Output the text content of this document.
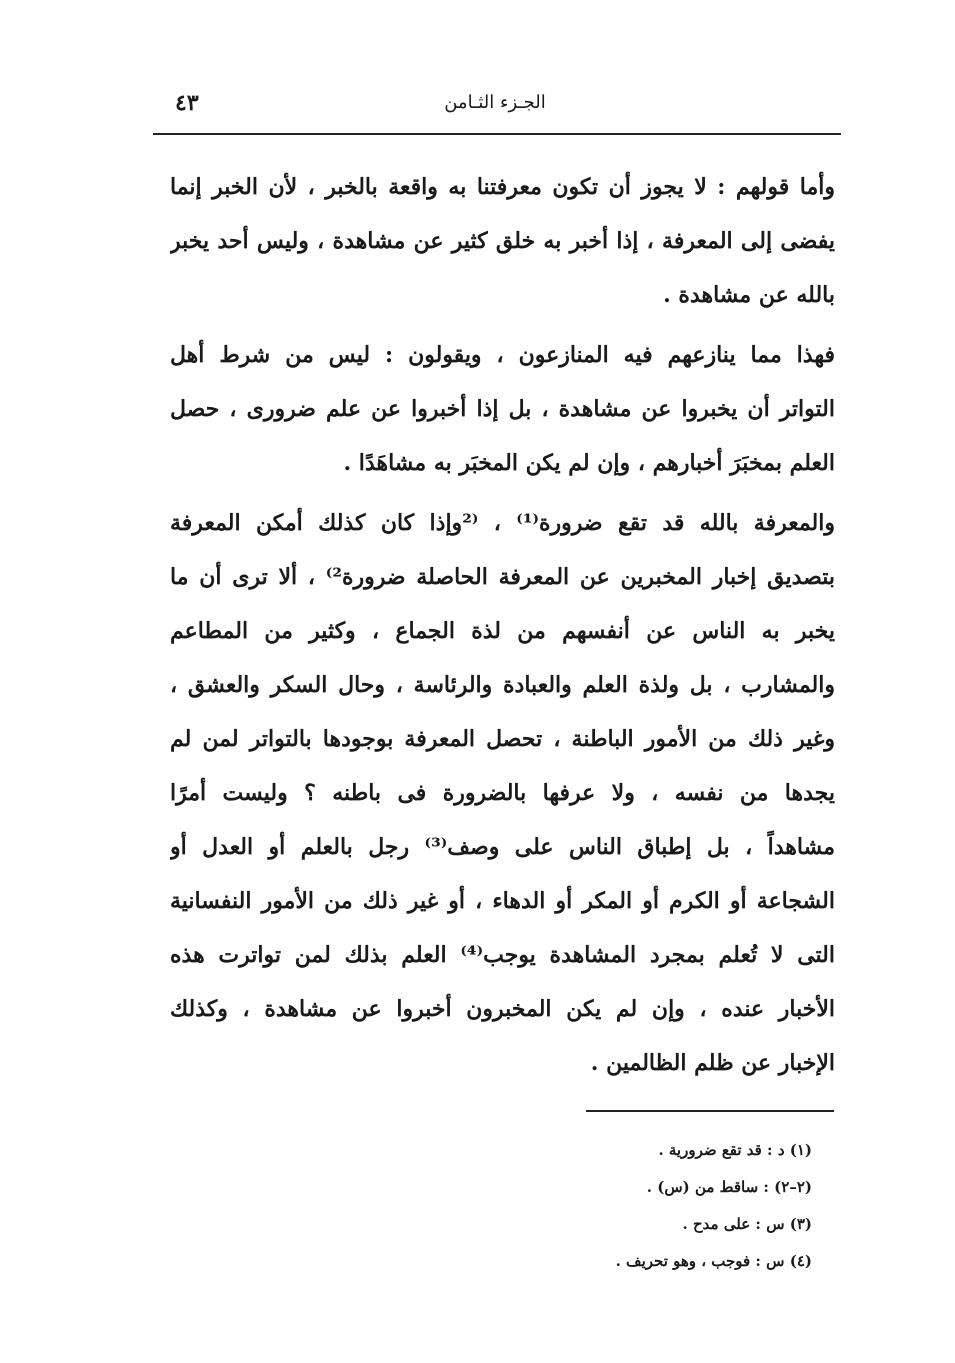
٤٣	الجـزء الثـامن
وأما قولهم : لا يجوز أن تكون معرفتنا به واقعة بالخبر ، لأن الخبر إنما
يفضى إلى المعرفة ، إذا أخبر به خلق كثير عن مشاهدة ، وليس أحد يخبر
بالله عن مشاهدة .
فهذا مما ينازعهم فيه المنازعون ، ويقولون : ليس من شرط أهل
التواتر أن يخبروا عن مشاهدة ، بل إذا أخبروا عن علم ضرورى ، حصل
العلم بمخبَرَ أخبارهم ، وإن لم يكن المخبَر به مشاهَدًا .
والمعرفة بالله قد تقع ضرورة⁽¹⁾ ، ⁽²وإذا كان كذلك أمكن المعرفة
بتصديق إخبار المخبرين عن المعرفة الحاصلة ضرورة²⁾ ، ألا ترى أن ما
يخبر به الناس عن أنفسهم من لذة الجماع ، وكثير من المطاعم
والمشارب ، بل ولذة العلم والعبادة والرئاسة ، وحال السكر والعشق ،
وغير ذلك من الأمور الباطنة ، تحصل المعرفة بوجودها بالتواتر لمن لم
يجدها من نفسه ، ولا عرفها بالضرورة فى باطنه ؟ وليست أمرًا
مشاهداً ، بل إطباق الناس على وصف⁽³⁾ رجل بالعلم أو العدل أو
الشجاعة أو الكرم أو المكر أو الدهاء ، أو غير ذلك من الأمور النفسانية
التى لا تُعلم بمجرد المشاهدة يوجب⁽⁴⁾ العلم بذلك لمن تواترت هذه
الأخبار عنده ، وإن لم يكن المخبرون أخبروا عن مشاهدة ، وكذلك
الإخبار عن ظلم الظالمين .
(١) د : قد تقع ضرورية .
(٢–٢) : ساقط من (س) .
(٣) س : على مدح .
(٤) س : فوجب ، وهو تحريف .
